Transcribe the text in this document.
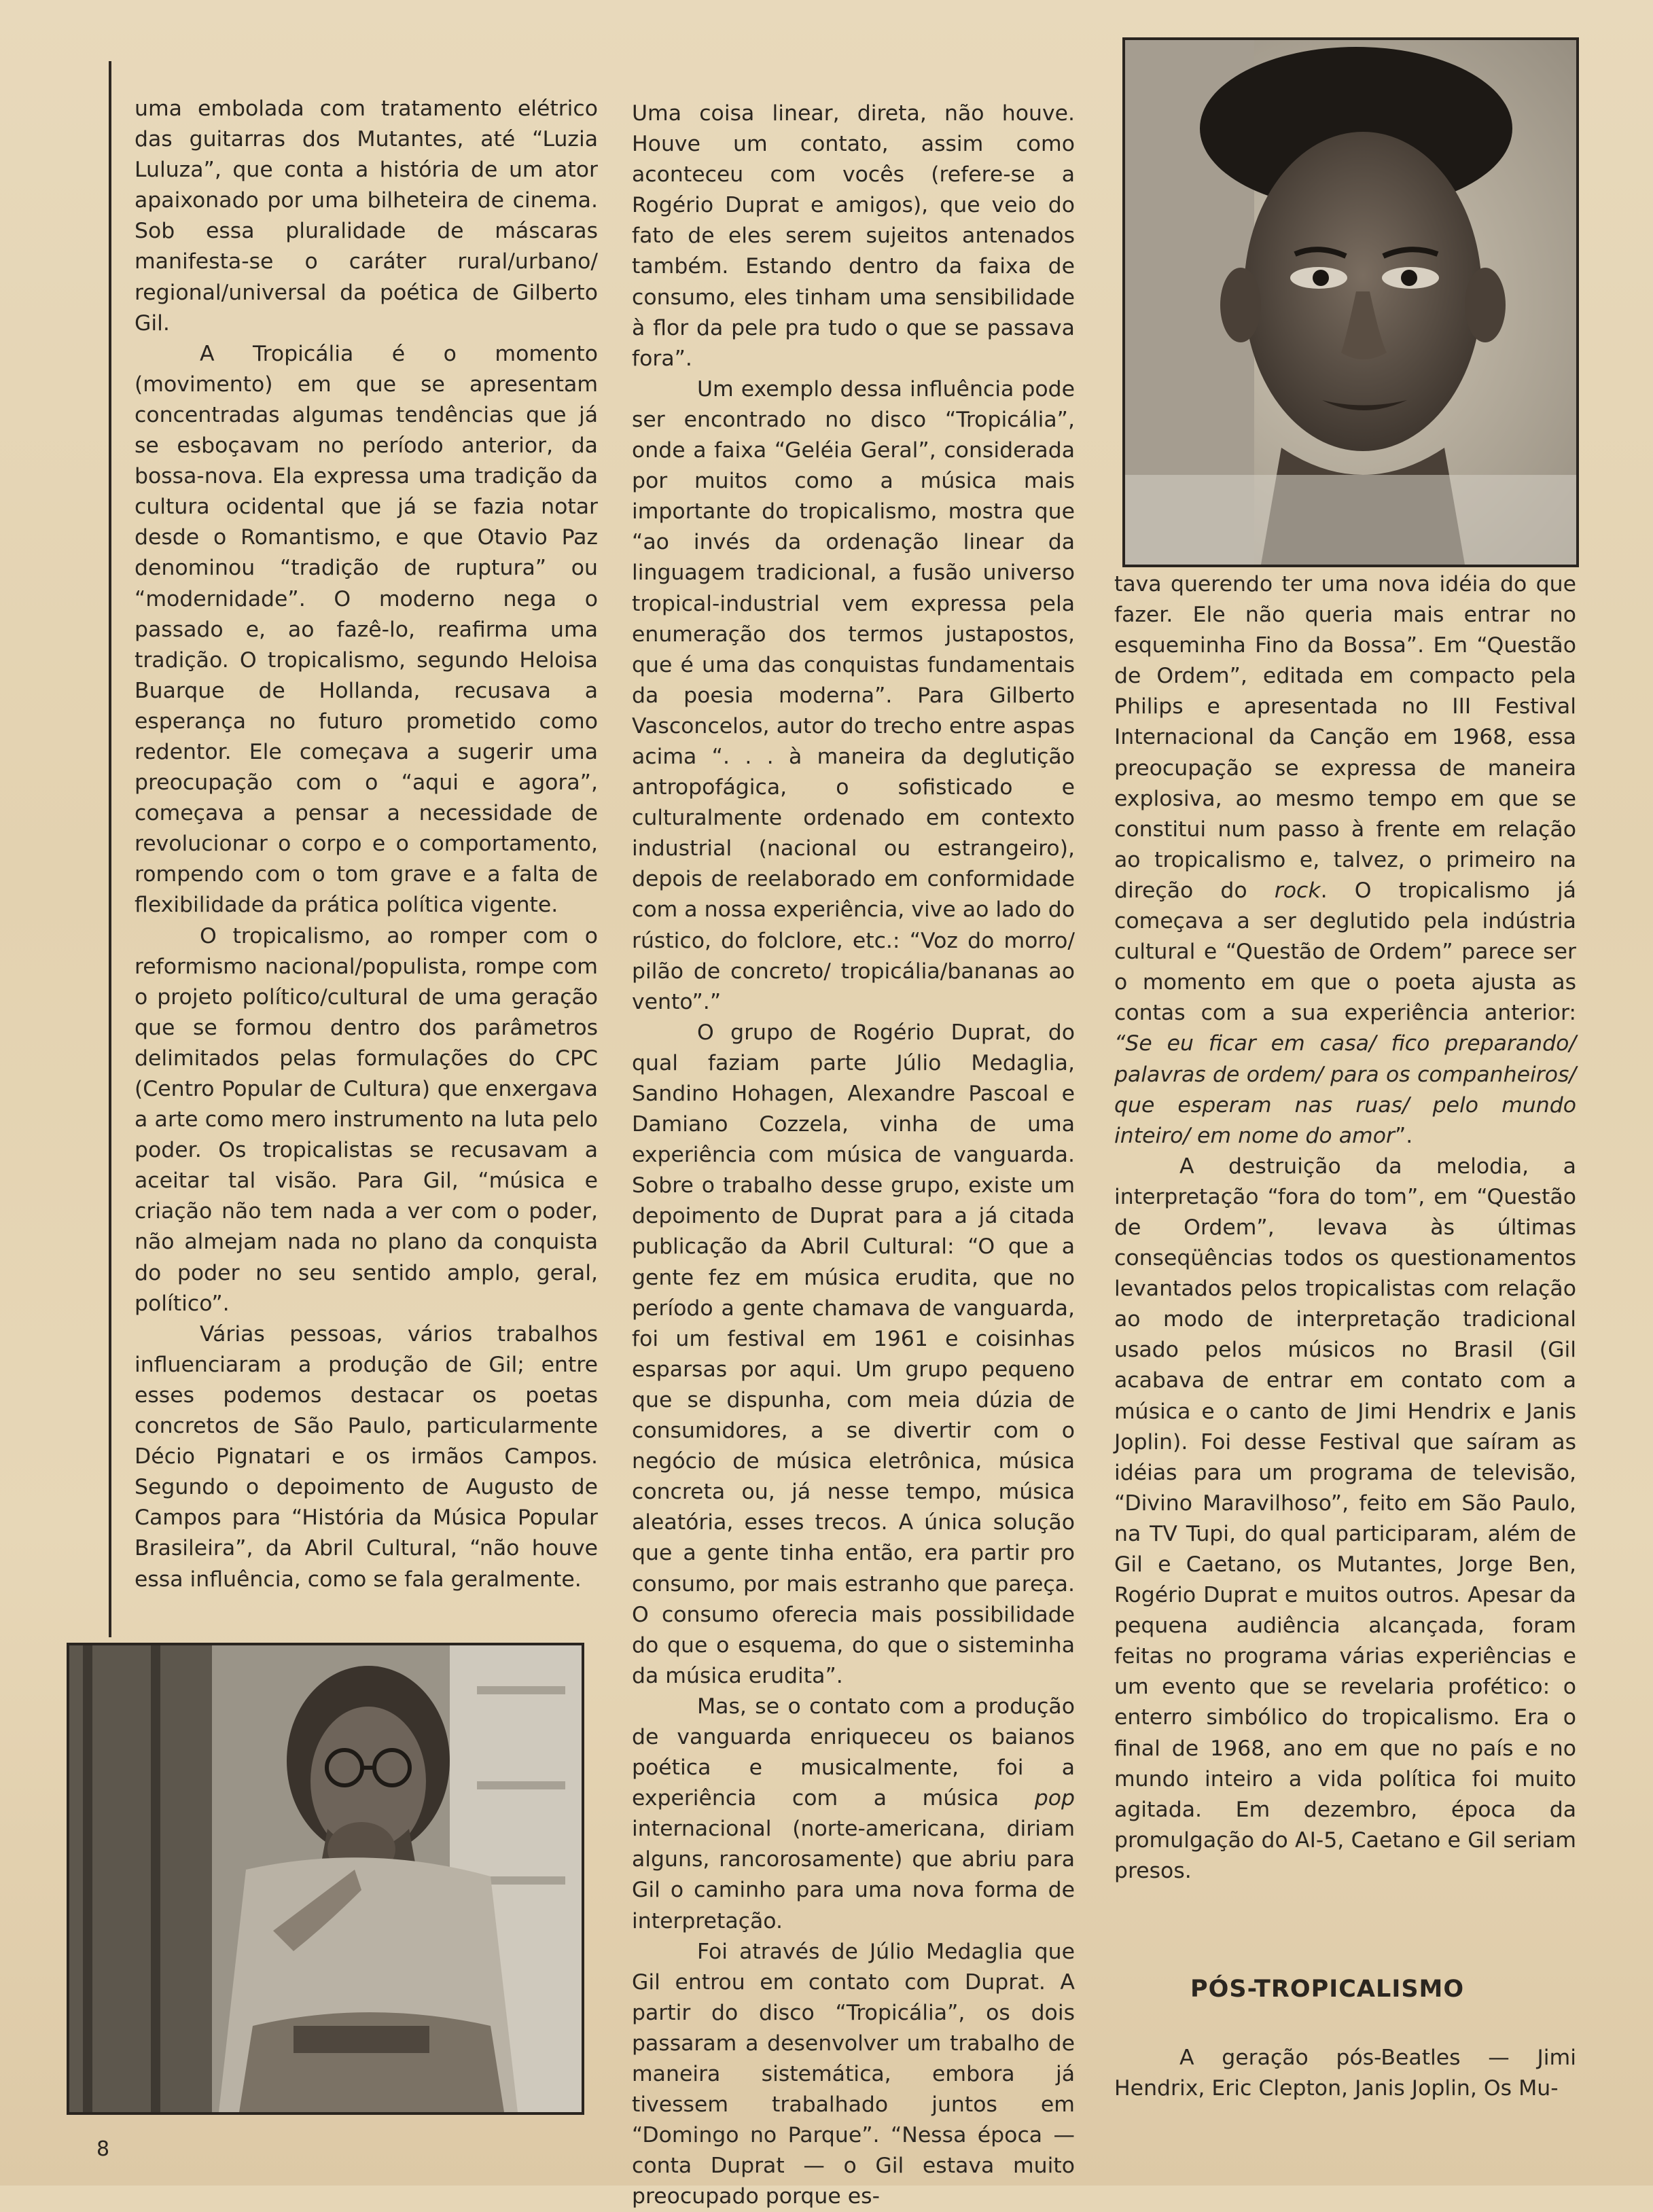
uma embolada com tratamento elétrico das guitarras dos Mutantes, até “Luzia Luluza”, que conta a história de um ator apaixonado por uma bilheteira de cinema. Sob essa pluralidade de máscaras manifesta-se o caráter rural/urbano/ regional/universal da poética de Gilberto Gil.

A Tropicália é o momento (movimento) em que se apresentam concentradas algumas tendências que já se esboçavam no período anterior, da bossa-nova. Ela expressa uma tradição da cultura ocidental que já se fazia notar desde o Romantismo, e que Otavio Paz denominou “tradição de ruptura” ou “modernidade”. O moderno nega o passado e, ao fazê-lo, reafirma uma tradição. O tropicalismo, segundo Heloisa Buarque de Hollanda, recusava a esperança no futuro prometido como redentor. Ele começava a sugerir uma preocupação com o “aqui e agora”, começava a pensar a necessidade de revolucionar o corpo e o comportamento, rompendo com o tom grave e a falta de flexibilidade da prática política vigente.

O tropicalismo, ao romper com o reformismo nacional/populista, rompe com o projeto político/cultural de uma geração que se formou dentro dos parâmetros delimitados pelas formulações do CPC (Centro Popular de Cultura) que enxergava a arte como mero instrumento na luta pelo poder. Os tropicalistas se recusavam a aceitar tal visão. Para Gil, “música e criação não tem nada a ver com o poder, não almejam nada no plano da conquista do poder no seu sentido amplo, geral, político”.

Várias pessoas, vários trabalhos influenciaram a produção de Gil; entre esses podemos destacar os poetas concretos de São Paulo, particularmente Décio Pignatari e os irmãos Campos. Segundo o depoimento de Augusto de Campos para “História da Música Popular Brasileira”, da Abril Cultural, “não houve essa influência, como se fala geralmente.

Uma coisa linear, direta, não houve. Houve um contato, assim como aconteceu com vocês (refere-se a Rogério Duprat e amigos), que veio do fato de eles serem sujeitos antenados também. Estando dentro da faixa de consumo, eles tinham uma sensibilidade à flor da pele pra tudo o que se passava fora”.

Um exemplo dessa influência pode ser encontrado no disco “Tropicália”, onde a faixa “Geléia Geral”, considerada por muitos como a música mais importante do tropicalismo, mostra que “ao invés da ordenação linear da linguagem tradicional, a fusão universo tropical-industrial vem expressa pela enumeração dos termos justapostos, que é uma das conquistas fundamentais da poesia moderna”. Para Gilberto Vasconcelos, autor do trecho entre aspas acima “. . . à maneira da deglutição antropofágica, o sofisticado e culturalmente ordenado em contexto industrial (nacional ou estrangeiro), depois de reelaborado em conformidade com a nossa experiência, vive ao lado do rústico, do folclore, etc.: “Voz do morro/ pilão de concreto/ tropicália/bananas ao vento”.”

O grupo de Rogério Duprat, do qual faziam parte Júlio Medaglia, Sandino Hohagen, Alexandre Pascoal e Damiano Cozzela, vinha de uma experiência com música de vanguarda. Sobre o trabalho desse grupo, existe um depoimento de Duprat para a já citada publicação da Abril Cultural: “O que a gente fez em música erudita, que no período a gente chamava de vanguarda, foi um festival em 1961 e coisinhas esparsas por aqui. Um grupo pequeno que se dispunha, com meia dúzia de consumidores, a se divertir com o negócio de música eletrônica, música concreta ou, já nesse tempo, música aleatória, esses trecos. A única solução que a gente tinha então, era partir pro consumo, por mais estranho que pareça. O consumo oferecia mais possibilidade do que o esquema, do que o sisteminha da música erudita”.

Mas, se o contato com a produção de vanguarda enriqueceu os baianos poética e musicalmente, foi a experiência com a música pop internacional (norte-americana, diriam alguns, rancorosamente) que abriu para Gil o caminho para uma nova forma de interpretação.

Foi através de Júlio Medaglia que Gil entrou em contato com Duprat. A partir do disco “Tropicália”, os dois passaram a desenvolver um trabalho de maneira sistemática, embora já tivessem trabalhado juntos em “Domingo no Parque”. “Nessa época — conta Duprat — o Gil estava muito preocupado porque es-

tava querendo ter uma nova idéia do que fazer. Ele não queria mais entrar no esqueminha Fino da Bossa”. Em “Questão de Ordem”, editada em compacto pela Philips e apresentada no III Festival Internacional da Canção em 1968, essa preocupação se expressa de maneira explosiva, ao mesmo tempo em que se constitui num passo à frente em relação ao tropicalismo e, talvez, o primeiro na direção do rock. O tropicalismo já começava a ser deglutido pela indústria cultural e “Questão de Ordem” parece ser o momento em que o poeta ajusta as contas com a sua experiência anterior: “Se eu ficar em casa/ fico preparando/ palavras de ordem/ para os companheiros/ que esperam nas ruas/ pelo mundo inteiro/ em nome do amor”.

A destruição da melodia, a interpretação “fora do tom”, em “Questão de Ordem”, levava às últimas conseqüências todos os questionamentos levantados pelos tropicalistas com relação ao modo de interpretação tradicional usado pelos músicos no Brasil (Gil acabava de entrar em contato com a música e o canto de Jimi Hendrix e Janis Joplin). Foi desse Festival que saíram as idéias para um programa de televisão, “Divino Maravilhoso”, feito em São Paulo, na TV Tupi, do qual participaram, além de Gil e Caetano, os Mutantes, Jorge Ben, Rogério Duprat e muitos outros. Apesar da pequena audiência alcançada, foram feitas no programa várias experiências e um evento que se revelaria profético: o enterro simbólico do tropicalismo. Era o final de 1968, ano em que no país e no mundo inteiro a vida política foi muito agitada. Em dezembro, época da promulgação do AI-5, Caetano e Gil seriam presos.

PÓS-TROPICALISMO

A geração pós-Beatles — Jimi Hendrix, Eric Clepton, Janis Joplin, Os Mu-

8
